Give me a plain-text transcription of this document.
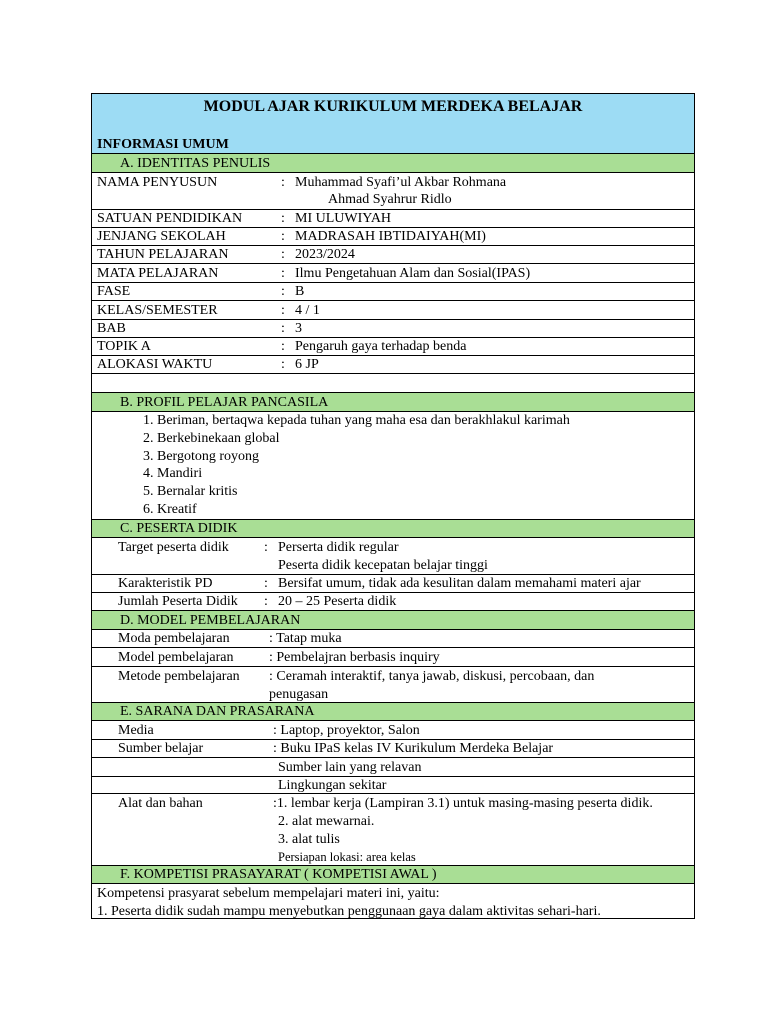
MODUL AJAR KURIKULUM MERDEKA BELAJAR
INFORMASI UMUM
A. IDENTITAS PENULIS
NAMA PENYUSUN	: Muhammad Syafi’ul Akbar Rohmana
Ahmad Syahrur Ridlo
SATUAN PENDIDIKAN	: MI ULUWIYAH
JENJANG SEKOLAH	: MADRASAH IBTIDAIYAH(MI)
TAHUN PELAJARAN	: 2023/2024
MATA PELAJARAN	: Ilmu Pengetahuan Alam dan Sosial(IPAS)
FASE	: B
KELAS/SEMESTER	: 4 / 1
BAB	: 3
TOPIK A	: Pengaruh gaya terhadap benda
ALOKASI WAKTU	: 6 JP
B. PROFIL PELAJAR PANCASILA
1. Beriman, bertaqwa kepada tuhan yang maha esa dan berakhlakul karimah
2. Berkebinekaan global
3. Bergotong royong
4. Mandiri
5. Bernalar kritis
6. Kreatif
C. PESERTA DIDIK
Target peserta didik	: Perserta didik regular
Peserta didik kecepatan belajar tinggi
Karakteristik PD	: Bersifat umum, tidak ada kesulitan dalam memahami materi ajar
Jumlah Peserta Didik : 20 – 25 Peserta didik
D. MODEL PEMBELAJARAN
Moda pembelajaran	: Tatap muka
Model pembelajaran	: Pembelajran berbasis inquiry
Metode pembelajaran : Ceramah interaktif, tanya jawab, diskusi, percobaan, dan
penugasan
E. SARANA DAN PRASARANA
Media	: Laptop, proyektor, Salon
Sumber belajar	: Buku IPaS kelas IV Kurikulum Merdeka Belajar
Sumber lain yang relavan
Lingkungan sekitar
Alat dan bahan	:1. lembar kerja (Lampiran 3.1) untuk masing-masing peserta didik.
2. alat mewarnai.
3. alat tulis
Persiapan lokasi: area kelas
F. KOMPETISI PRASAYARAT ( KOMPETISI AWAL )
Kompetensi prasyarat sebelum mempelajari materi ini, yaitu:
1. Peserta didik sudah mampu menyebutkan penggunaan gaya dalam aktivitas sehari-hari.
